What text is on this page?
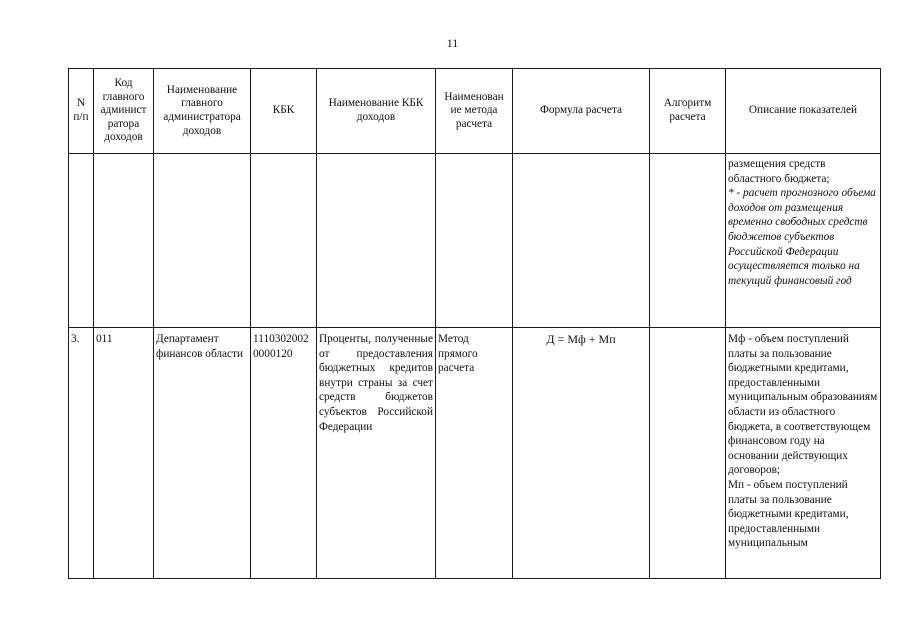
11
N п/п	Код главного админист ратора доходов	Наименование главного администратора доходов	КБК	Наименование КБК доходов	Наименован ие метода расчета	Формула расчета	Алгоритм расчета	Описание показателей

								размещения средств областного бюджета;
* - расчет прогнозного объема доходов от размещения временно свободных средств бюджетов субъектов Российской Федерации осуществляется только на текущий финансовый год

3.	011	Департамент финансов области	11103020020000120	Проценты, полученные от предоставления бюджетных кредитов внутри страны за счет средств бюджетов субъектов Российской Федерации	Метод прямого расчета	Д = Мф + Мп		Мф - объем поступлений платы за пользование бюджетными кредитами, предоставленными муниципальным образованиям области из областного бюджета, в соответствующем финансовом году на основании действующих договоров;
Мп - объем поступлений платы за пользование бюджетными кредитами, предоставленными муниципальным
